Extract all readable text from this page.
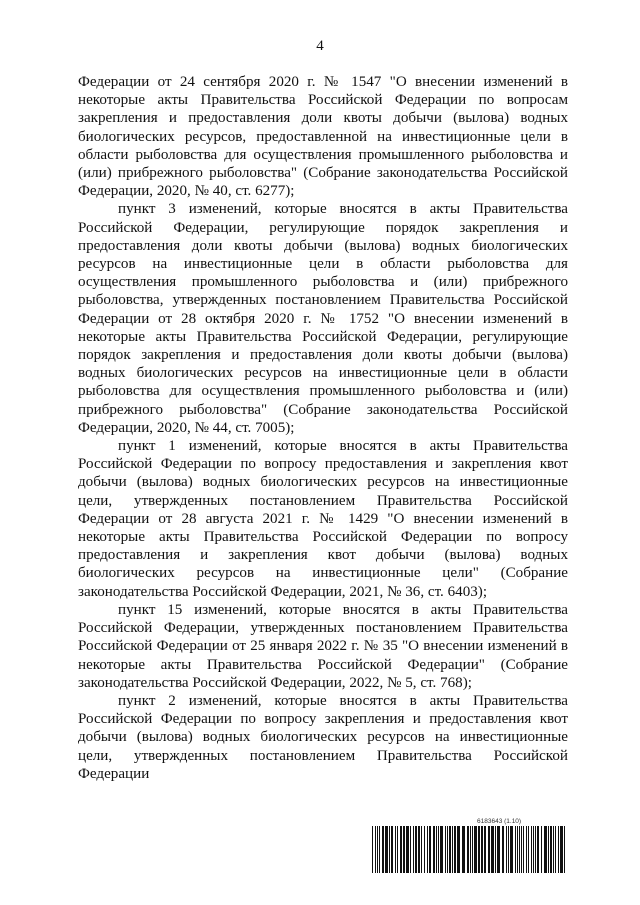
4

Федерации от 24 сентября 2020 г. № 1547 "О внесении изменений в некоторые акты Правительства Российской Федерации по вопросам закрепления и предоставления доли квоты добычи (вылова) водных биологических ресурсов, предоставленной на инвестиционные цели в области рыболовства для осуществления промышленного рыболовства и (или) прибрежного рыболовства" (Собрание законодательства Российской Федерации, 2020, № 40, ст. 6277);

пункт 3 изменений, которые вносятся в акты Правительства Российской Федерации, регулирующие порядок закрепления и предоставления доли квоты добычи (вылова) водных биологических ресурсов на инвестиционные цели в области рыболовства для осуществления промышленного рыболовства и (или) прибрежного рыболовства, утвержденных постановлением Правительства Российской Федерации от 28 октября 2020 г. № 1752 "О внесении изменений в некоторые акты Правительства Российской Федерации, регулирующие порядок закрепления и предоставления доли квоты добычи (вылова) водных биологических ресурсов на инвестиционные цели в области рыболовства для осуществления промышленного рыболовства и (или) прибрежного рыболовства" (Собрание законодательства Российской Федерации, 2020, № 44, ст. 7005);

пункт 1 изменений, которые вносятся в акты Правительства Российской Федерации по вопросу предоставления и закрепления квот добычи (вылова) водных биологических ресурсов на инвестиционные цели, утвержденных постановлением Правительства Российской Федерации от 28 августа 2021 г. № 1429 "О внесении изменений в некоторые акты Правительства Российской Федерации по вопросу предоставления и закрепления квот добычи (вылова) водных биологических ресурсов на инвестиционные цели" (Собрание законодательства Российской Федерации, 2021, № 36, ст. 6403);

пункт 15 изменений, которые вносятся в акты Правительства Российской Федерации, утвержденных постановлением Правительства Российской Федерации от 25 января 2022 г. № 35 "О внесении изменений в некоторые акты Правительства Российской Федерации" (Собрание законодательства Российской Федерации, 2022, № 5, ст. 768);

пункт 2 изменений, которые вносятся в акты Правительства Российской Федерации по вопросу закрепления и предоставления квот добычи (вылова) водных биологических ресурсов на инвестиционные цели, утвержденных постановлением Правительства Российской Федерации

6183643 (1.10)
